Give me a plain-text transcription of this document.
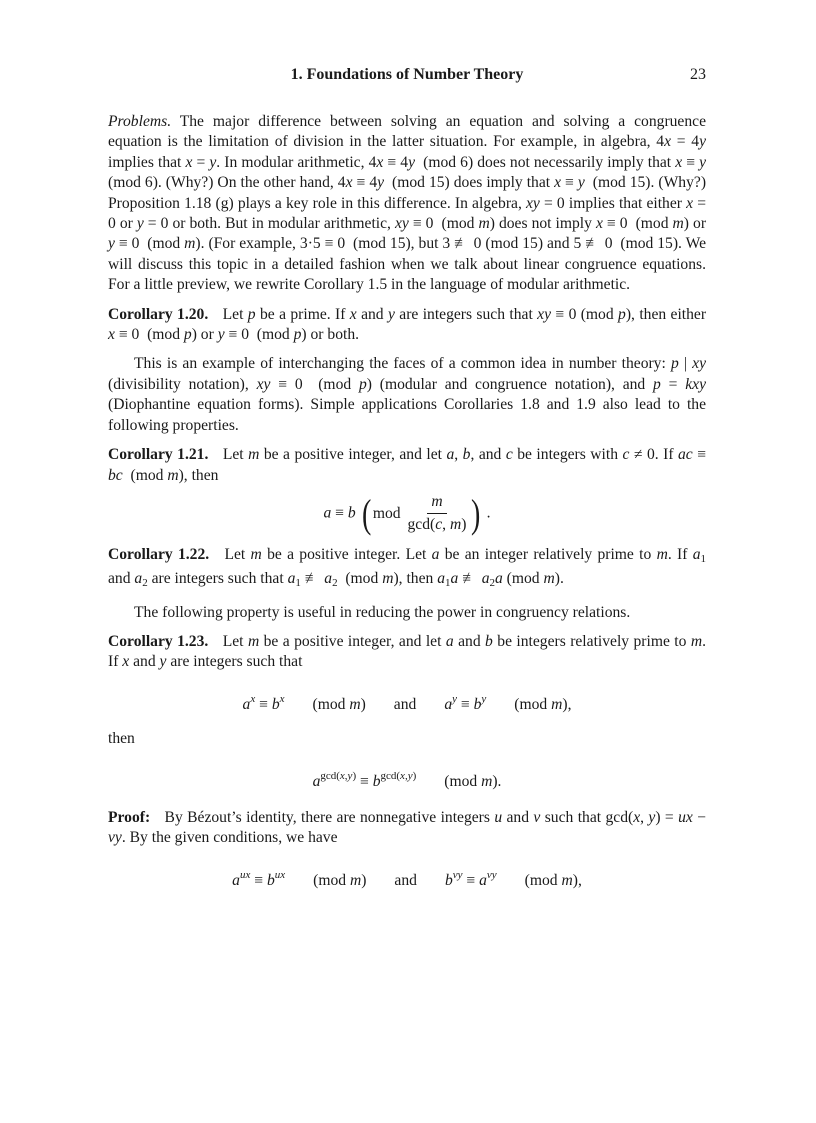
1. Foundations of Number Theory	23

Problems. The major difference between solving an equation and solving a congruence equation is the limitation of division in the latter situation. For example, in algebra, 4x = 4y implies that x = y. In modular arithmetic, 4x ≡ 4y  (mod 6) does not necessarily imply that x ≡ y (mod 6). (Why?) On the other hand, 4x ≡ 4y  (mod 15) does imply that x ≡ y  (mod 15). (Why?) Proposition 1.18 (g) plays a key role in this difference. In algebra, xy = 0 implies that either x = 0 or y = 0 or both. But in modular arithmetic, xy ≡ 0  (mod m) does not imply x ≡ 0  (mod m) or y ≡ 0  (mod m). (For example, 3·5 ≡ 0  (mod 15), but 3 ≢ 0 (mod 15) and 5 ≢ 0  (mod 15). We will discuss this topic in a detailed fashion when we talk about linear congruence equations. For a little preview, we rewrite Corollary 1.5 in the language of modular arithmetic.

Corollary 1.20. Let p be a prime. If x and y are integers such that xy ≡ 0 (mod p), then either x ≡ 0  (mod p) or y ≡ 0  (mod p) or both.

This is an example of interchanging the faces of a common idea in number theory: p | xy (divisibility notation), xy ≡ 0  (mod p) (modular and congruence notation), and p = kxy (Diophantine equation forms). Simple applications Corollaries 1.8 and 1.9 also lead to the following properties.

Corollary 1.21. Let m be a positive integer, and let a, b, and c be integers with c ≠ 0. If ac ≡ bc  (mod m), then

a ≡ b ( mod $\frac{m}{\gcd(c, m)}$ ) .

Corollary 1.22. Let m be a positive integer. Let a be an integer relatively prime to m. If $a_1$ and $a_2$ are integers such that $a_1$ ≢ $a_2$  (mod m), then $a_1a$ ≢ $a_2a$ (mod m).

The following property is useful in reducing the power in congruency relations.

Corollary 1.23. Let m be a positive integer, and let a and b be integers relatively prime to m. If x and y are integers such that

$a^x \equiv b^x$ (mod m) and $a^y \equiv b^y$ (mod m),

then

$a^{gcd(x,y)} \equiv b^{gcd(x,y)}$ (mod m).

Proof: By Bézout’s identity, there are nonnegative integers u and v such that gcd(x, y) = ux − vy. By the given conditions, we have

$a^{ux} \equiv b^{ux}$ (mod m) and $b^{vy} \equiv a^{vy}$ (mod m),
